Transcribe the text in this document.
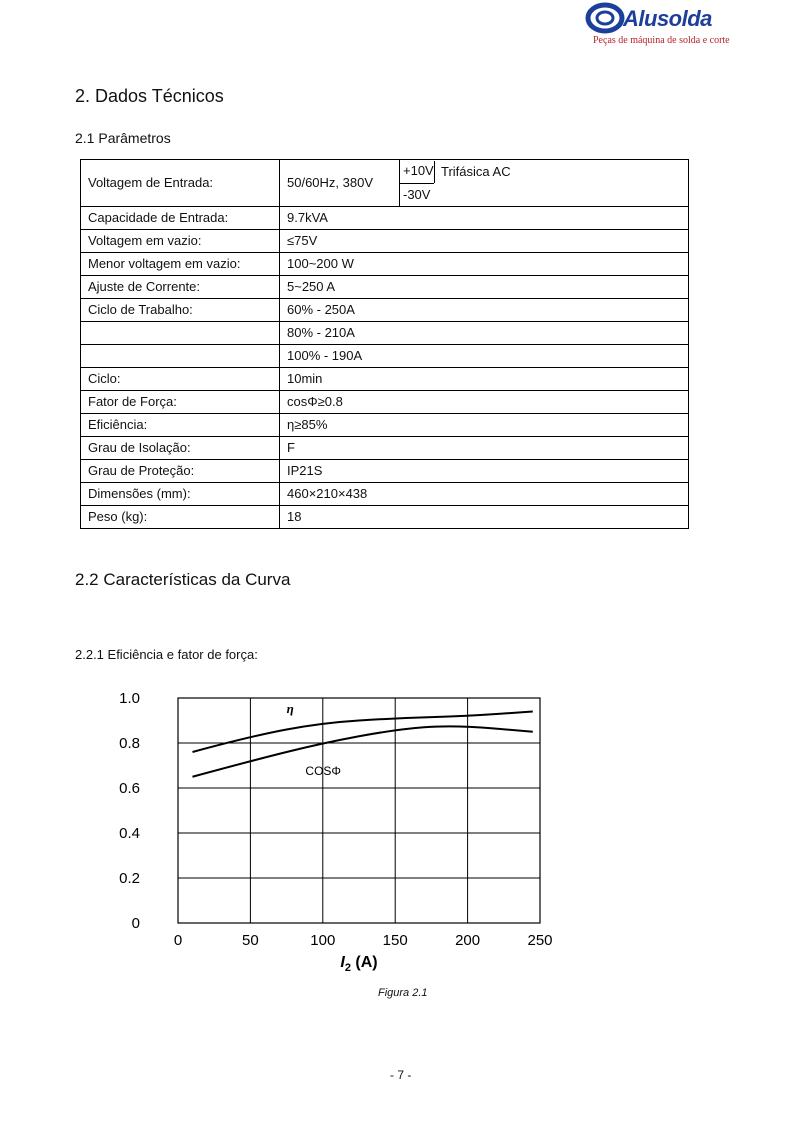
Alusolda
Peças de máquina de solda e corte
2. Dados Técnicos
2.1 Parâmetros
Voltagem de Entrada:	50/60Hz, 380V
+10V
-30V
Trifásica AC

Capacidade de Entrada:	9.7kVA
Voltagem em vazio:	≤75V
Menor voltagem em vazio:	100~200 W
Ajuste de Corrente:	5~250 A
Ciclo de Trabalho:	60% - 250A
	80% - 210A
	100% - 190A
Ciclo:	10min
Fator de Força:	cosΦ≥0.8
Eficiência:	η≥85%
Grau de Isolação:	F
Grau de Proteção:	IP21S
Dimensões (mm):	460×210×438
Peso (kg):	18
2.2 Características da Curva
2.2.1 Eficiência e fator de força:
0
0.2
0.4
0.6
0.8
1.0
0	50	100	150	200	250
$I_2$ (A)
η
COSΦ
Figura 2.1
- 7 -
